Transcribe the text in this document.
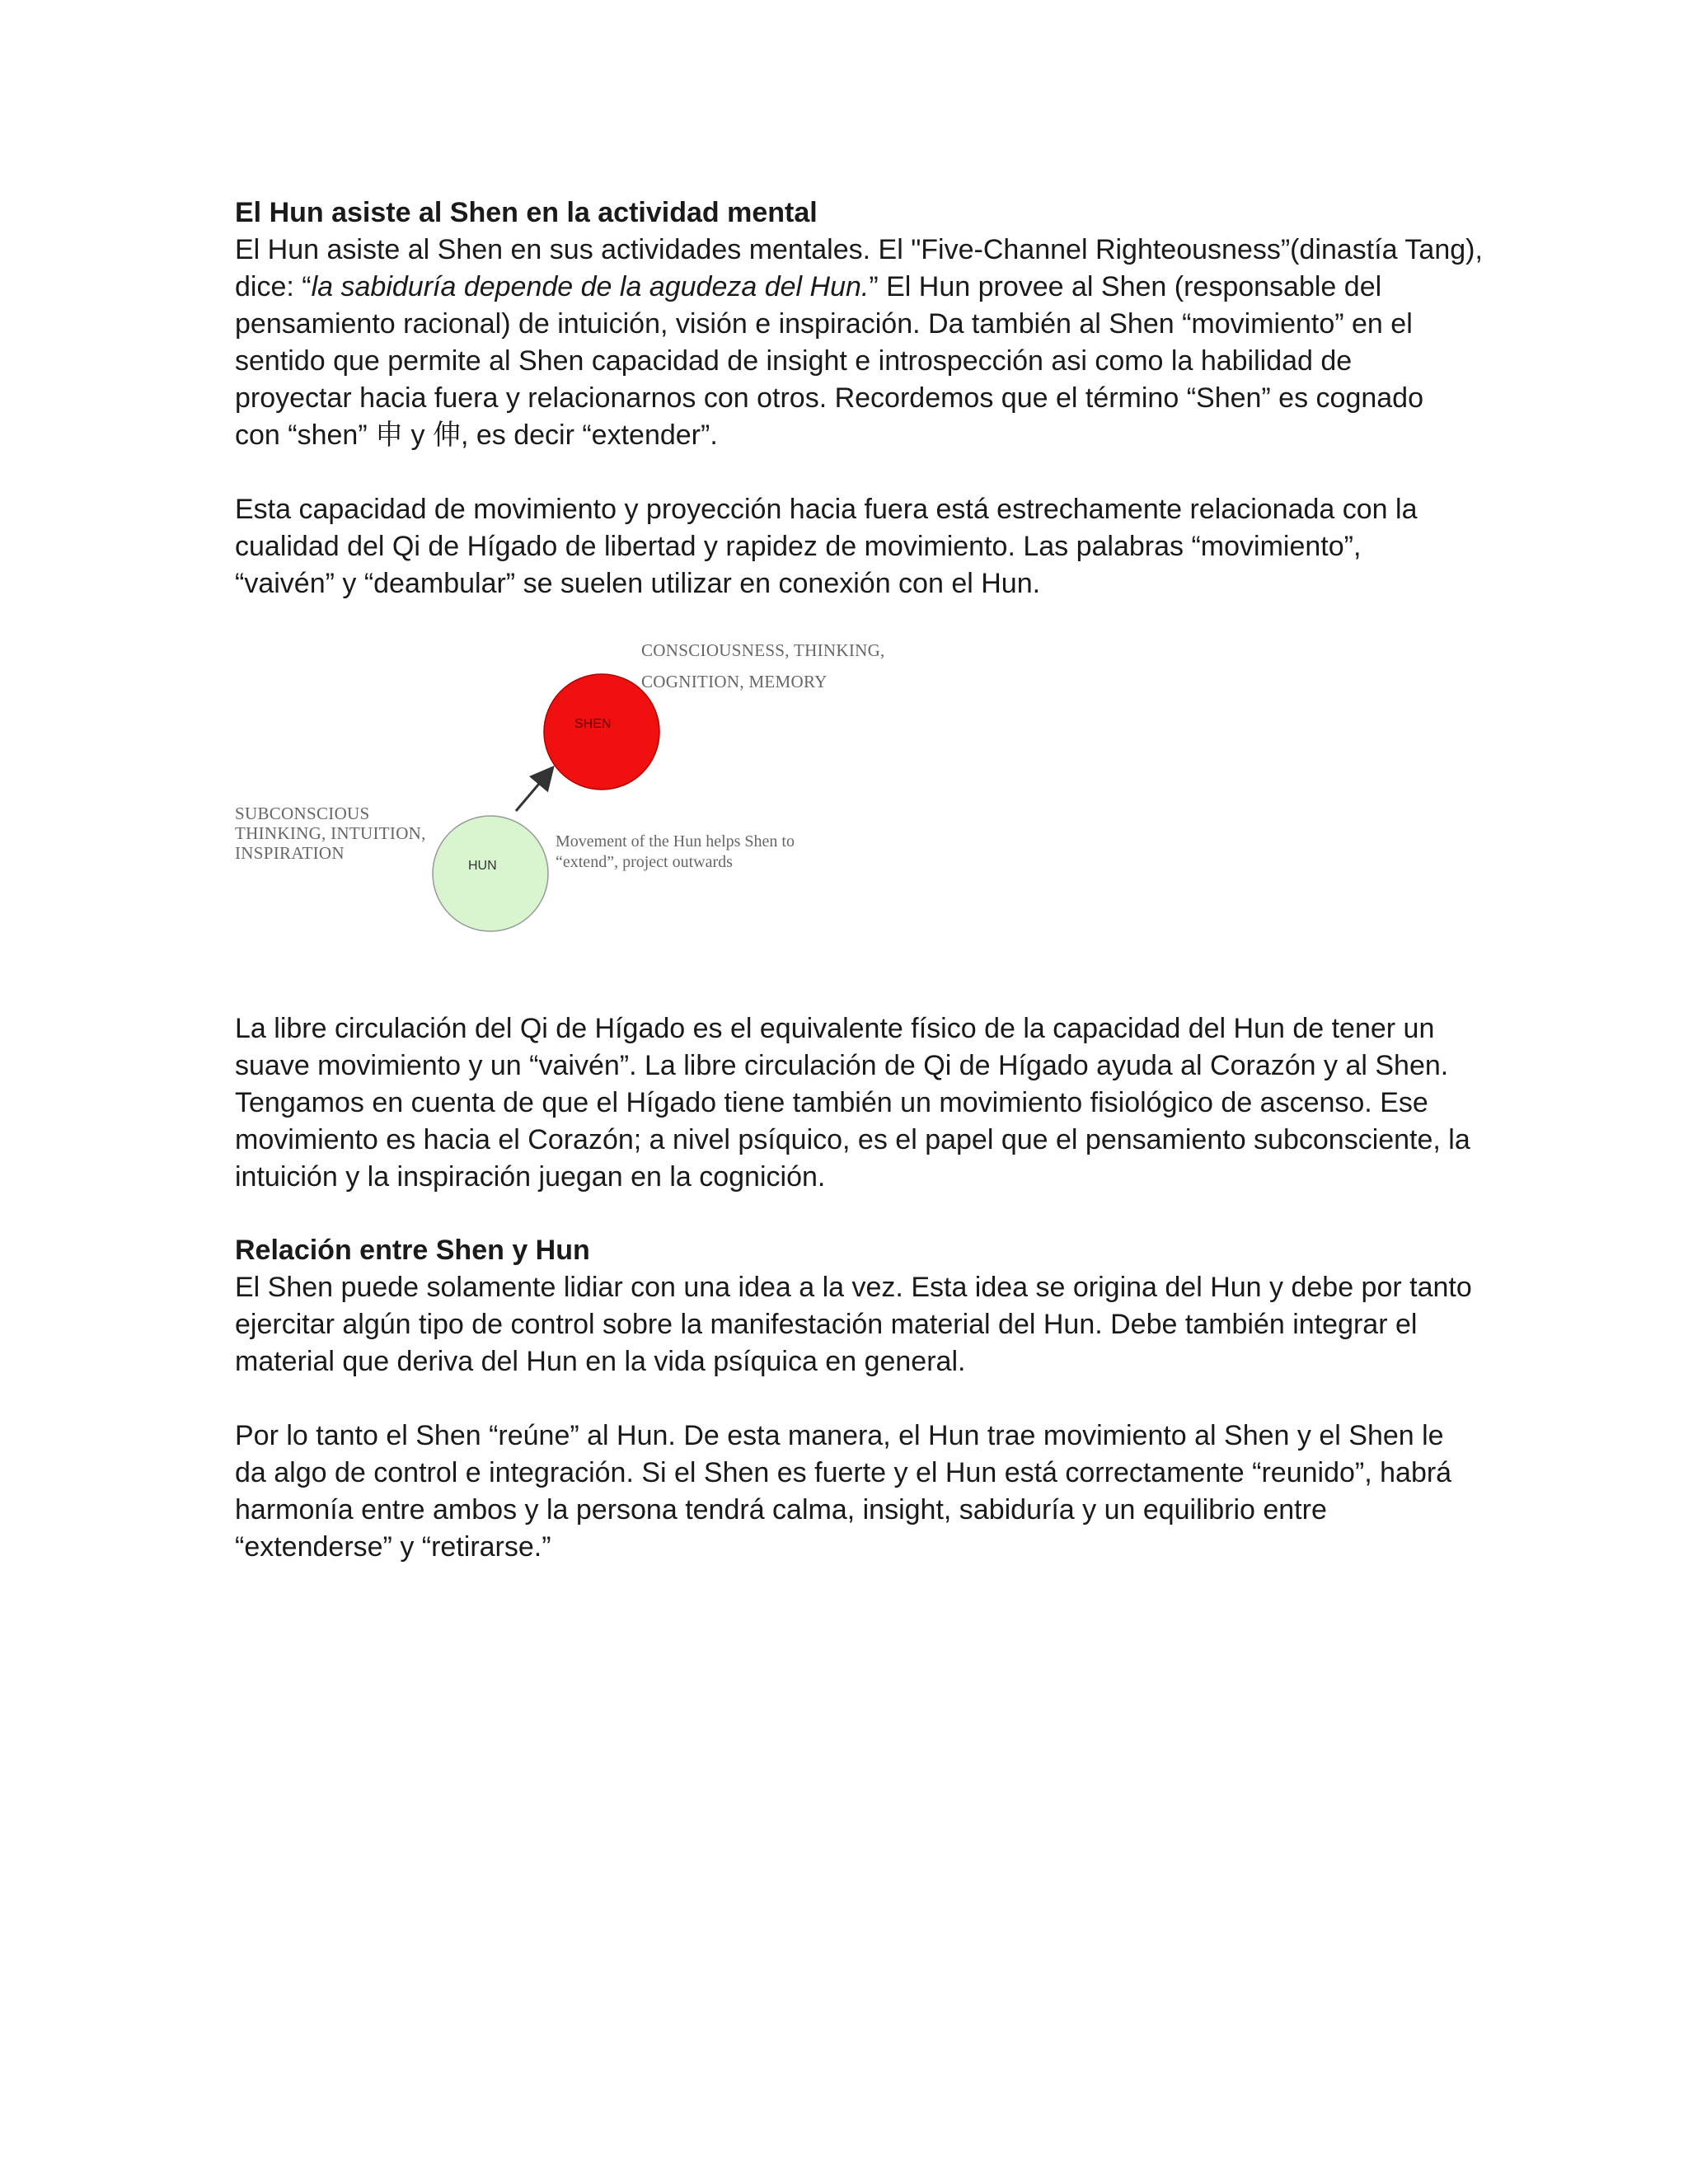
El Hun asiste al Shen en la actividad mental
El Hun asiste al Shen en sus actividades mentales. El "Five-Channel Righteousness”(dinastía Tang),
dice: “la sabiduría depende de la agudeza del Hun.” El Hun provee al Shen (responsable del
pensamiento racional) de intuición, visión e inspiración. Da también al Shen “movimiento” en el
sentido que permite al Shen capacidad de insight e introspección asi como la habilidad de
proyectar hacia fuera y relacionarnos con otros. Recordemos que el término “Shen” es cognado
con “shen” 申 y 伸, es decir “extender”.
Esta capacidad de movimiento y proyección hacia fuera está estrechamente relacionada con la
cualidad del Qi de Hígado de libertad y rapidez de movimiento. Las palabras “movimiento”,
“vaivén” y “deambular” se suelen utilizar en conexión con el Hun.
SHEN
HUN
CONSCIOUSNESS, THINKING,
COGNITION, MEMORY
SUBCONSCIOUS
THINKING, INTUITION,
INSPIRATION
Movement of the Hun helps Shen to
“extend”, project outwards
La libre circulación del Qi de Hígado es el equivalente físico de la capacidad del Hun de tener un
suave movimiento y un “vaivén”. La libre circulación de Qi de Hígado ayuda al Corazón y al Shen.
Tengamos en cuenta de que el Hígado tiene también un movimiento fisiológico de ascenso. Ese
movimiento es hacia el Corazón; a nivel psíquico, es el papel que el pensamiento subconsciente, la
intuición y la inspiración juegan en la cognición.
Relación entre Shen y Hun
El Shen puede solamente lidiar con una idea a la vez. Esta idea se origina del Hun y debe por tanto
ejercitar algún tipo de control sobre la manifestación material del Hun. Debe también integrar el
material que deriva del Hun en la vida psíquica en general.
Por lo tanto el Shen “reúne” al Hun. De esta manera, el Hun trae movimiento al Shen y el Shen le
da algo de control e integración. Si el Shen es fuerte y el Hun está correctamente “reunido”, habrá
harmonía entre ambos y la persona tendrá calma, insight, sabiduría y un equilibrio entre
“extenderse” y “retirarse.”
